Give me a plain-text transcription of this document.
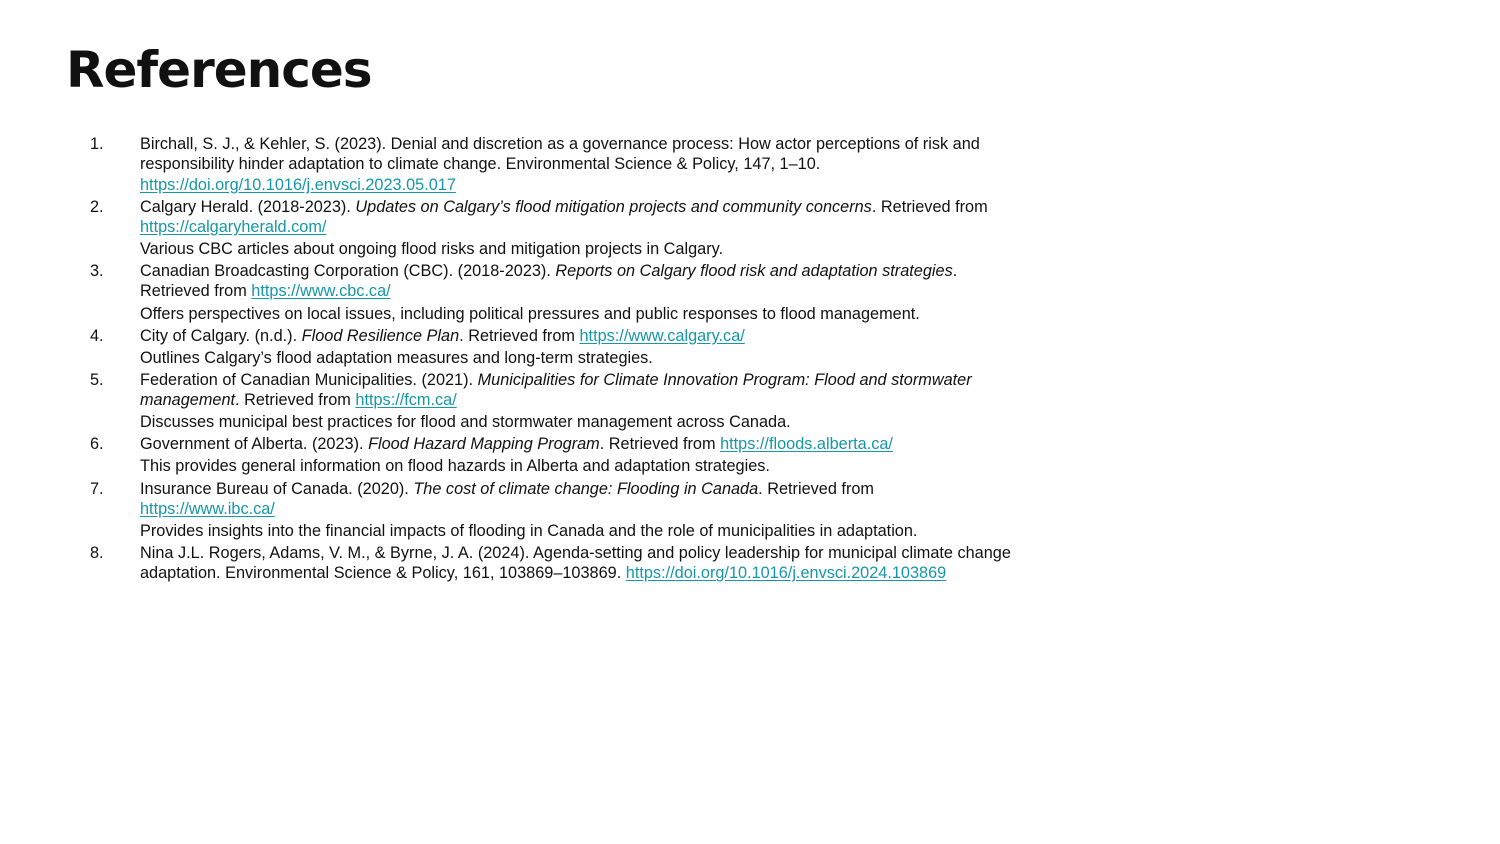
References
1.	Birchall, S. J., & Kehler, S. (2023). Denial and discretion as a governance process: How actor perceptions of risk and
responsibility hinder adaptation to climate change. Environmental Science & Policy, 147, 1–10.
https://doi.org/10.1016/j.envsci.2023.05.017
2.	Calgary Herald. (2018-2023). Updates on Calgary’s flood mitigation projects and community concerns. Retrieved from
https://calgaryherald.com/
Various CBC articles about ongoing flood risks and mitigation projects in Calgary.
3.	Canadian Broadcasting Corporation (CBC). (2018-2023). Reports on Calgary flood risk and adaptation strategies.
Retrieved from https://www.cbc.ca/
Offers perspectives on local issues, including political pressures and public responses to flood management.
4.	City of Calgary. (n.d.). Flood Resilience Plan. Retrieved from https://www.calgary.ca/
Outlines Calgary’s flood adaptation measures and long-term strategies.
5.	Federation of Canadian Municipalities. (2021). Municipalities for Climate Innovation Program: Flood and stormwater
management. Retrieved from https://fcm.ca/
Discusses municipal best practices for flood and stormwater management across Canada.
6.	Government of Alberta. (2023). Flood Hazard Mapping Program. Retrieved from https://floods.alberta.ca/
This provides general information on flood hazards in Alberta and adaptation strategies.
7.	Insurance Bureau of Canada. (2020). The cost of climate change: Flooding in Canada. Retrieved from
https://www.ibc.ca/
Provides insights into the financial impacts of flooding in Canada and the role of municipalities in adaptation.
8.	Nina J.L. Rogers, Adams, V. M., & Byrne, J. A. (2024). Agenda-setting and policy leadership for municipal climate change
adaptation. Environmental Science & Policy, 161, 103869–103869. https://doi.org/10.1016/j.envsci.2024.103869
